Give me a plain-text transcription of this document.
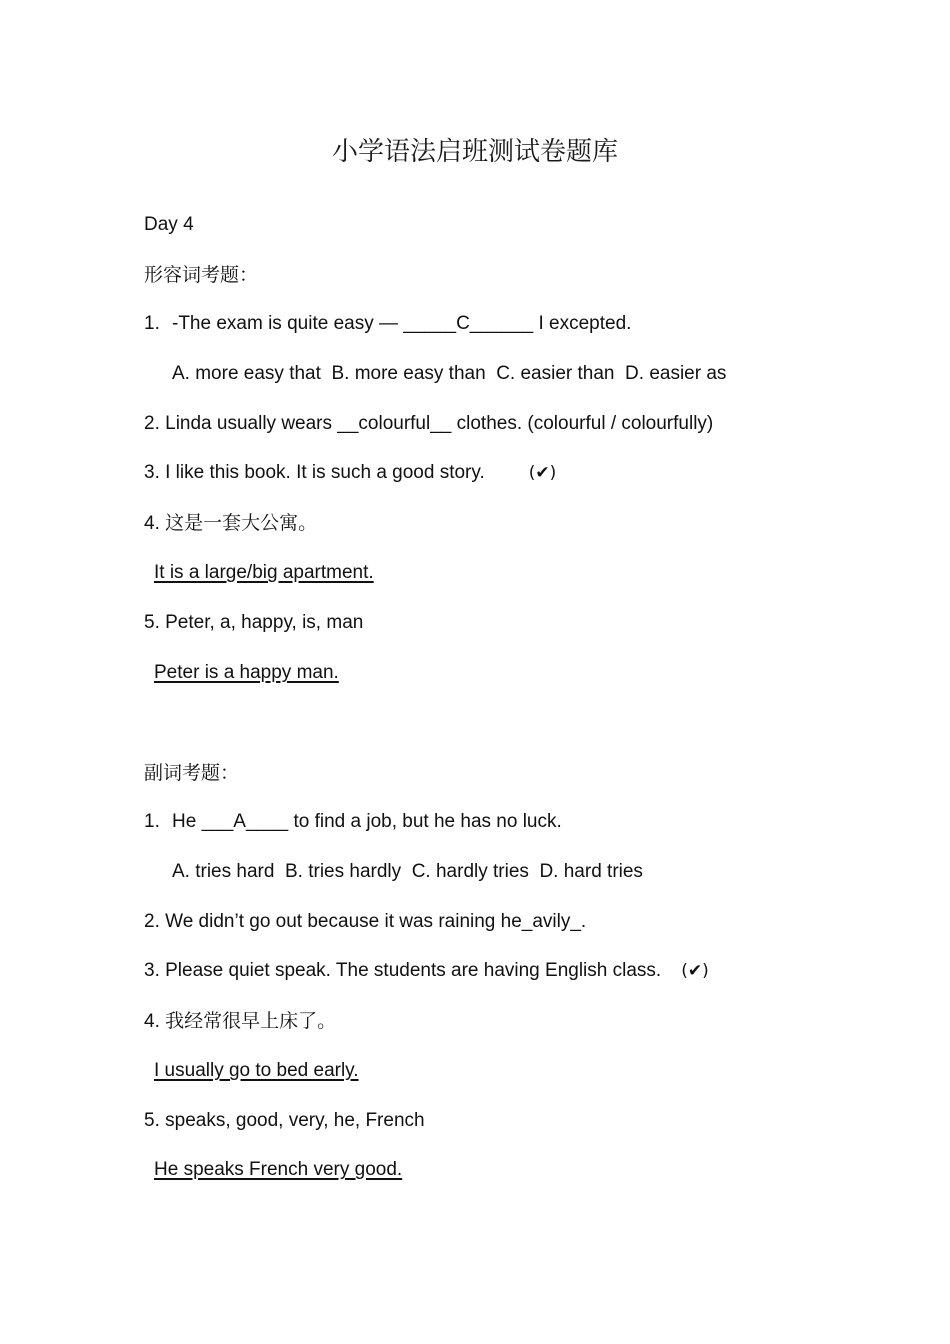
小学语法启班测试卷题库
Day 4
形容词考题：
1. -The exam is quite easy — _____C______ I excepted.
A. more easy that  B. more easy than  C. easier than  D. easier as
2. Linda usually wears __colourful__ clothes. (colourful / colourfully)
3. I like this book. It is such a good story.	(✔)
4. 这是一套大公寓。
It is a large/big apartment.
5. Peter, a, happy, is, man
Peter is a happy man.
副词考题：
1. He ___A____ to find a job, but he has no luck.
A. tries hard  B. tries hardly  C. hardly tries  D. hard tries
2. We didn’t go out because it was raining he_avily_.
3. Please quiet speak. The students are having English class. (✔)
4. 我经常很早上床了。
I usually go to bed early.
5. speaks, good, very, he, French
He speaks French very good.
